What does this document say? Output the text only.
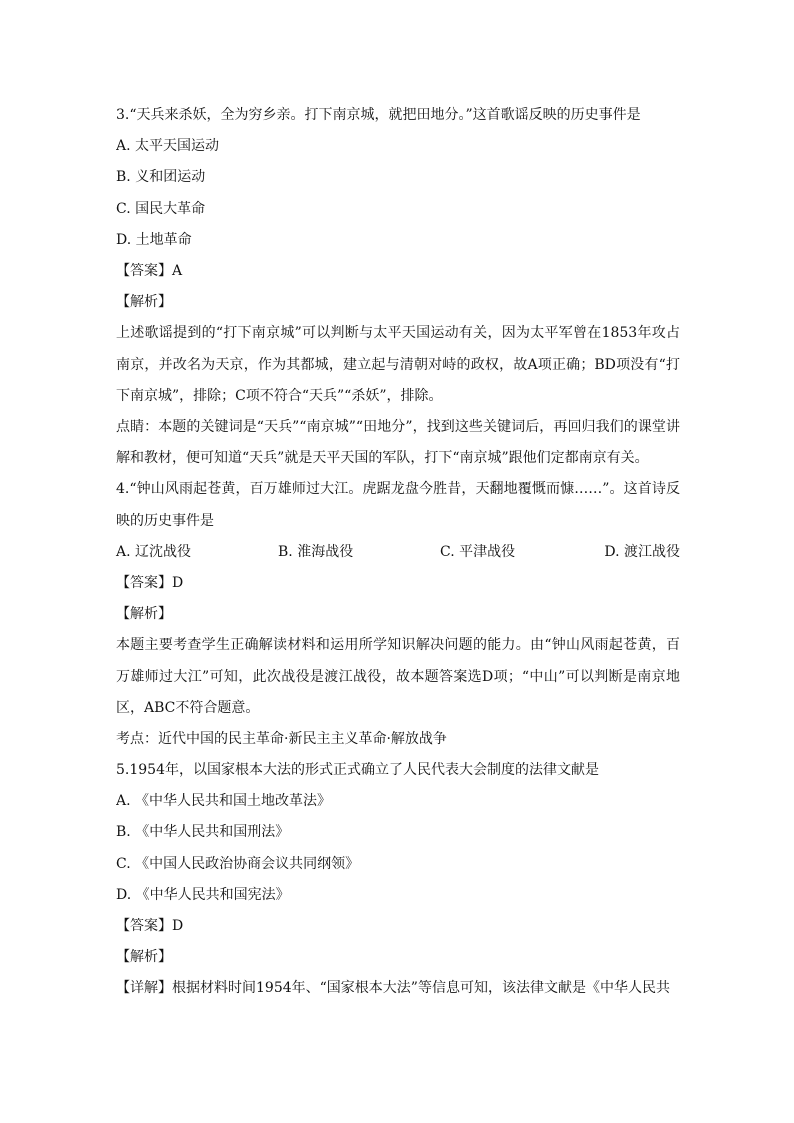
3.“天兵来杀妖，全为穷乡亲。打下南京城，就把田地分。”这首歌谣反映的历史事件是
A. 太平天国运动
B. 义和团运动
C. 国民大革命
D. 土地革命
【答案】A
【解析】
上述歌谣提到的“打下南京城”可以判断与太平天国运动有关，因为太平军曾在1853年攻占南京，并改名为天京，作为其都城，建立起与清朝对峙的政权，故A项正确；BD项没有“打下南京城”，排除；C项不符合“天兵”“杀妖”，排除。
点睛：本题的关键词是“天兵”“南京城”“田地分”，找到这些关键词后，再回归我们的课堂讲解和教材，便可知道“天兵”就是天平天国的军队，打下“南京城”跟他们定都南京有关。
4.“钟山风雨起苍黄，百万雄师过大江。虎踞龙盘今胜昔，天翻地覆慨而慷……”。这首诗反映的历史事件是
A. 辽沈战役	B. 淮海战役	C. 平津战役	D. 渡江战役
【答案】D
【解析】
本题主要考查学生正确解读材料和运用所学知识解决问题的能力。由“钟山风雨起苍黄，百万雄师过大江”可知，此次战役是渡江战役，故本题答案选D项；“中山”可以判断是南京地区，ABC不符合题意。
考点：近代中国的民主革命·新民主主义革命·解放战争
5.1954年，以国家根本大法的形式正式确立了人民代表大会制度的法律文献是
A. 《中华人民共和国土地改革法》
B. 《中华人民共和国刑法》
C. 《中国人民政治协商会议共同纲领》
D. 《中华人民共和国宪法》
【答案】D
【解析】
【详解】根据材料时间1954年、“国家根本大法”等信息可知，该法律文献是《中华人民共
